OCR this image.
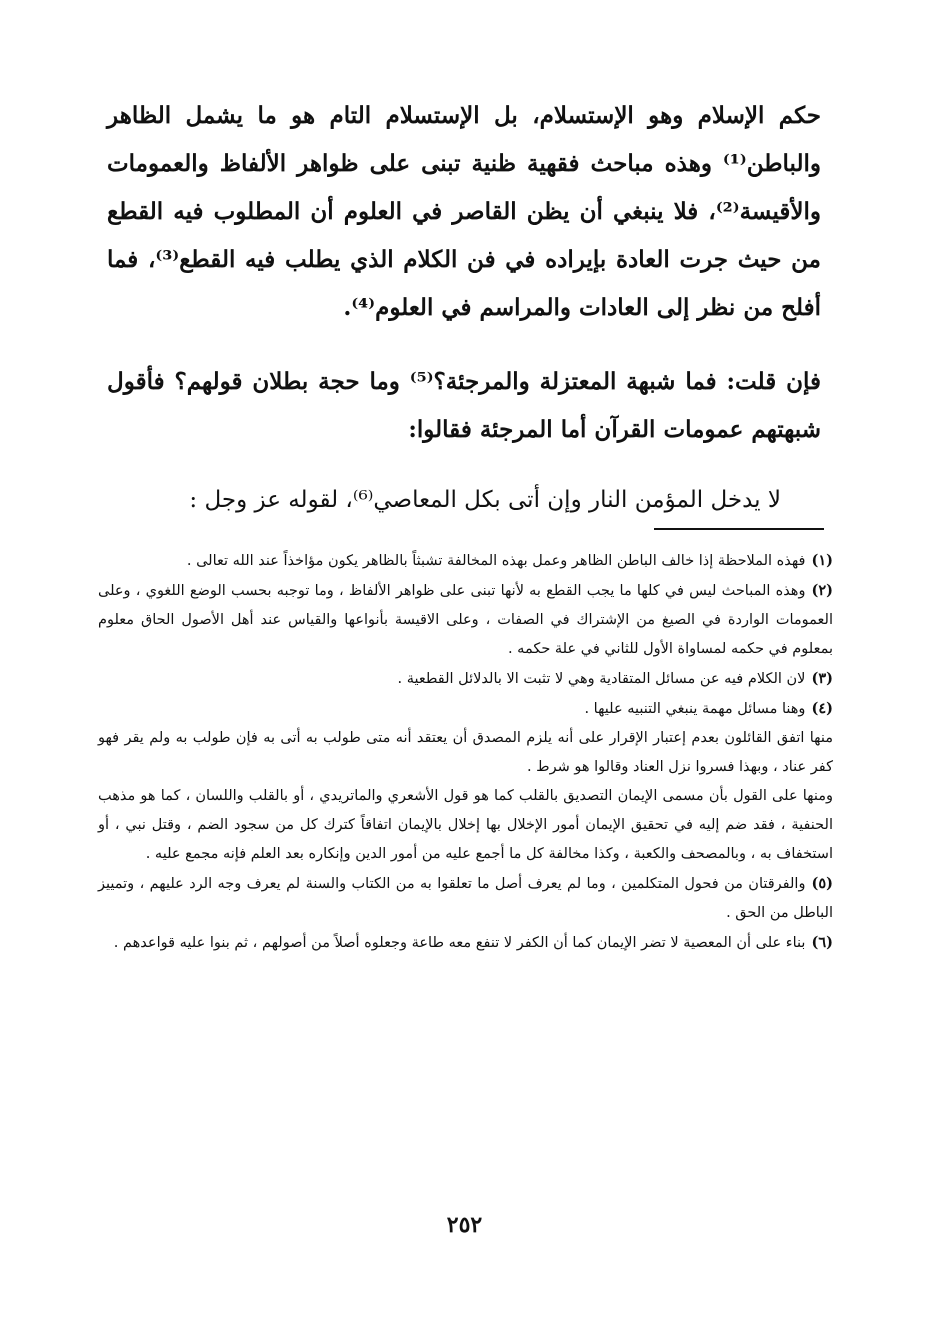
حكم الإسلام وهو الإستسلام، بل الإستسلام التام هو ما يشمل الظاهر والباطن⁽¹⁾ وهذه مباحث فقهية ظنية تبنى على ظواهر الألفاظ والعمومات والأقيسة⁽²⁾، فلا ينبغي أن يظن القاصر في العلوم أن المطلوب فيه القطع من حيث جرت العادة بإيراده في فن الكلام الذي يطلب فيه القطع⁽³⁾، فما أفلح من نظر إلى العادات والمراسم في العلوم⁽⁴⁾.

فإن قلت: فما شبهة المعتزلة والمرجئة؟⁽⁵⁾ وما حجة بطلان قولهم؟ فأقول شبهتهم عمومات القرآن أما المرجئة فقالوا:

لا يدخل المؤمن النار وإن أتى بكل المعاصي⁽⁶⁾، لقوله عز وجل :

(١)فهذه الملاحظة إذا خالف الباطن الظاهر وعمل بهذه المخالفة تشبثاً بالظاهر يكون مؤاخذاً عند الله تعالى .

(٢)وهذه المباحث ليس في كلها ما يجب القطع به لأنها تبنى على ظواهر الألفاظ ، وما توجبه بحسب الوضع اللغوي ، وعلى العمومات الواردة في الصيغ من الإشتراك في الصفات ، وعلى الاقيسة بأنواعها والقياس عند أهل الأصول الحاق معلوم بمعلوم في حكمه لمساواة الأول للثاني في علة حكمه .

(٣)لان الكلام فيه عن مسائل المتقادية وهي لا تثبت الا بالدلائل القطعية .

(٤)وهنا مسائل مهمة ينبغي التنبيه عليها .

منها اتفق القائلون بعدم إعتبار الإقرار على أنه يلزم المصدق أن يعتقد أنه متى طولب به أتى به فإن طولب به ولم يقر فهو كفر عناد ، وبهذا فسروا نزل العناد وقالوا هو شرط .

ومنها على القول بأن مسمى الإيمان التصديق بالقلب كما هو قول الأشعري والماتريدي ، أو بالقلب واللسان ، كما هو مذهب الحنفية ، فقد ضم إليه في تحقيق الإيمان أمور الإخلال بها إخلال بالإيمان اتفاقاً كترك كل من سجود الضم ، وقتل نبي ، أو استخفاف به ، وبالمصحف والكعبة ، وكذا مخالفة كل ما أجمع عليه من أمور الدين وإنكاره بعد العلم فإنه مجمع عليه .

(٥)والفرقتان من فحول المتكلمين ، وما لم يعرف أصل ما تعلقوا به من الكتاب والسنة لم يعرف وجه الرد عليهم ، وتمييز الباطل من الحق .

(٦)بناء على أن المعصية لا تضر الإيمان كما أن الكفر لا تنفع معه طاعة وجعلوه أصلاً من أصولهم ، ثم بنوا عليه قواعدهم .

٢٥٢
